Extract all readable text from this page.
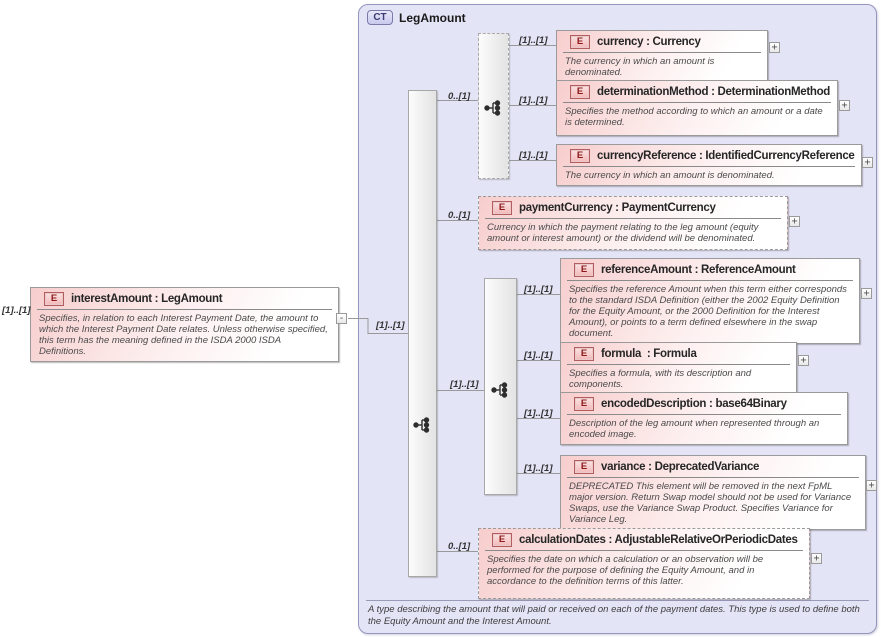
CT	LegAmount
A type describing the amount that will paid or received on each of the payment dates. This type is used to define both the Equity Amount and the Interest Amount.
[1]..[1]
E	interestAmount : LegAmount
Specifies, in relation to each Interest Payment Date, the amount to which the Interest Payment Date relates. Unless otherwise specified, this term has the meaning defined in the ISDA 2000 ISDA Definitions.
-
[1]..[1]
0..[1]
[1]..[1]	E	currency : Currency
The currency in which an amount is denominated.
+
[1]..[1]
E	determinationMethod : DeterminationMethod
Specifies the method according to which an amount or a date is determined.
+
[1]..[1]	E	currencyReference : IdentifiedCurrencyReference
The currency in which an amount is denominated.
+
0..[1]
E	paymentCurrency : PaymentCurrency
Currency in which the payment relating to the leg amount (equity amount or interest amount) or the dividend will be denominated.
+
[1]..[1]
[1]..[1]
E	referenceAmount : ReferenceAmount
Specifies the reference Amount when this term either corresponds to the standard ISDA Definition (either the 2002 Equity Definition for the Equity Amount, or the 2000 Definition for the Interest Amount), or points to a term defined elsewhere in the swap document.
+
[1]..[1]	E	formula  : Formula
Specifies a formula, with its description and components.
+
[1]..[1]
E	encodedDescription : base64Binary
Description of the leg amount when represented through an encoded image.
[1]..[1]	E	variance : DeprecatedVariance
DEPRECATED This element will be removed in the next FpML major version. Return Swap model should not be used for Variance Swaps, use the Variance Swap Product. Specifies Variance for Variance Leg.
+
0..[1]
E	calculationDates : AdjustableRelativeOrPeriodicDates
Specifies the date on which a calculation or an observation will be performed for the purpose of defining the Equity Amount, and in accordance to the definition terms of this latter.
+
